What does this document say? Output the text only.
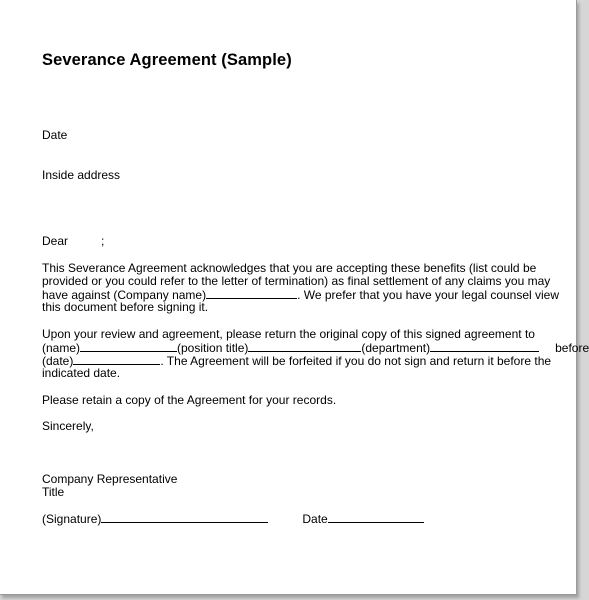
Severance Agreement (Sample)
Date
Inside address
Dear	;
This Severance Agreement acknowledges that you are accepting these benefits (list could be
provided or you could refer to the letter of termination) as final settlement of any claims you may
have against (Company name)	. We prefer that you have your legal counsel view
this document before signing it.
Upon your review and agreement, please return the original copy of this signed agreement to
(name)	(position title)	(department)	before
(date)	. The Agreement will be forfeited if you do not sign and return it before the
indicated date.
Please retain a copy of the Agreement for your records.
Sincerely,
Company Representative
Title
(Signature)	Date
